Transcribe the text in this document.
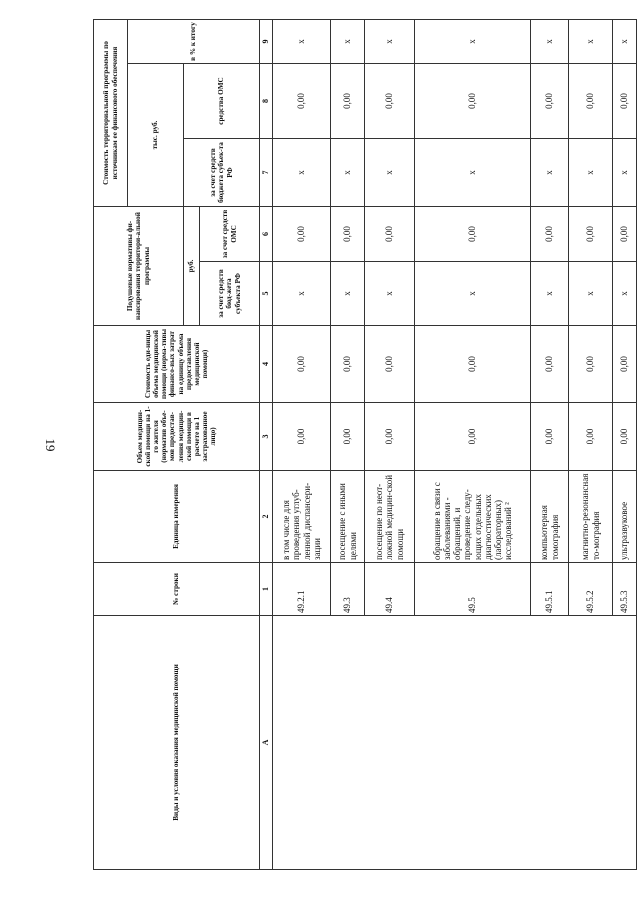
19
Виды и условия оказания медицинской помощи	№ строки	Единица измерения	Объем медицин-ской помощи на 1-го жителя (норматив объе-мов предостав-ления медицин-ской помощи в расчете на 1 застрахованное лицо)	Стоимость еди-ницы объема медицинской помощи (норма-тивы финансо-вых затрат на единицу объема предоставления медицинской помощи)	Подушевые нормативы фи-нансирования территори-альной программы		Стоимость территориальной программы по источникам ее финансового обеспечения		
							тыс. руб.		в % к итогу
					руб.		за счет средств бюджета субъек-та РФ	средства ОМС	
					за счет средств бюд-жета субъекта РФ	за счет средств ОМС			
А	1	2	3	4	5	6	7	8	9
	49.2.1	в том числе для проведения углуб-ленной диспансери-зации	0,00	0,00	х	0,00	х	0,00	х
	49.3	посещение с иными целями	0,00	0,00	х	0,00	х	0,00	х
	49.4	посещение по неот-ложной медицин-ской помощи	0,00	0,00	х	0,00	х	0,00	х
	49.5	обращение в связи с заболеваниями - обращений, и проведение следу-ющих отдельных диагностических (лабораторных) исследований ²	0,00	0,00	х	0,00	х	0,00	х
	49.5.1	компьютерная томография	0,00	0,00	х	0,00	х	0,00	х
	49.5.2	магнитно-резонансная то-мография	0,00	0,00	х	0,00	х	0,00	х
	49.5.3	ультразвуковое	0,00	0,00	х	0,00	х	0,00	х
